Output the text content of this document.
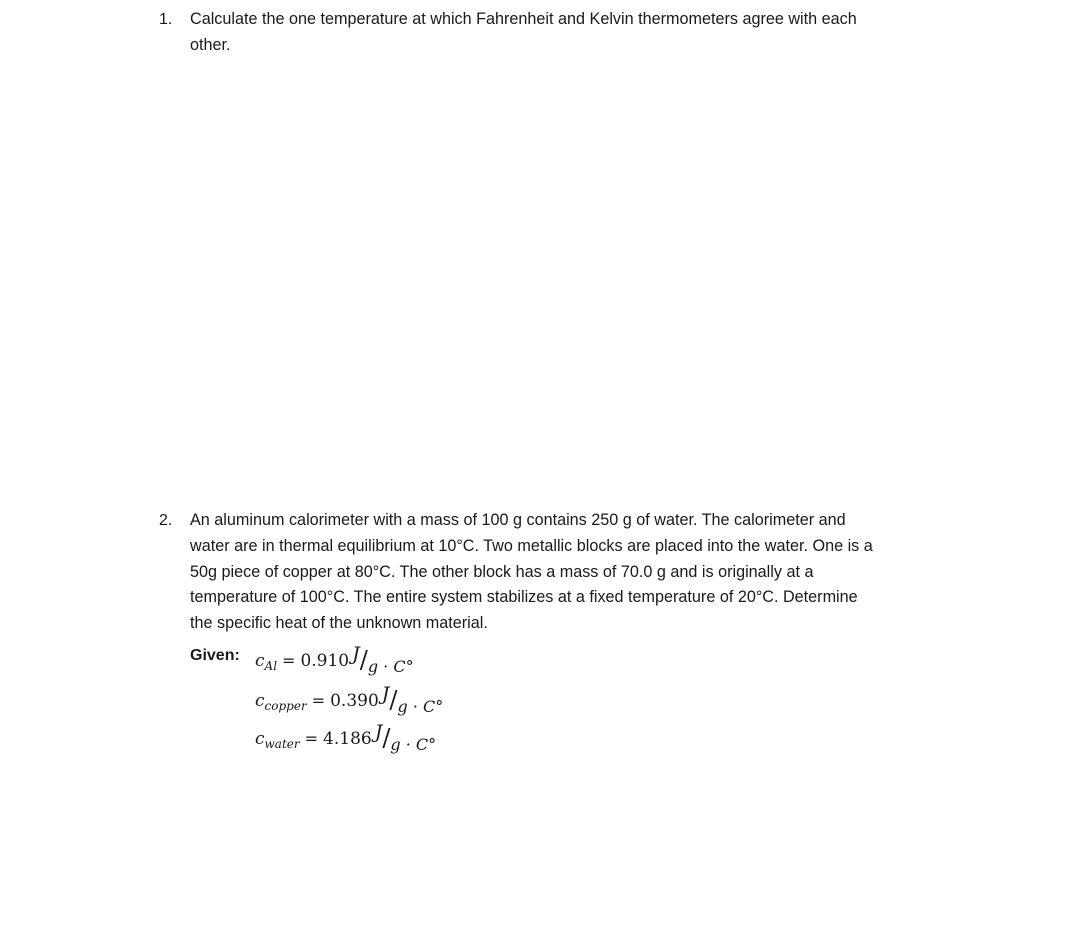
1. Calculate the one temperature at which Fahrenheit and Kelvin thermometers agree with each
other.

2. An aluminum calorimeter with a mass of 100 g contains 250 g of water. The calorimeter and
water are in thermal equilibrium at 10°C. Two metallic blocks are placed into the water. One is a
50g piece of copper at 80°C. The other block has a mass of 70.0 g and is originally at a
temperature of 100°C. The entire system stabilizes at a fixed temperature of 20°C. Determine
the specific heat of the unknown material.

Given: $c_{Al} = 0.910$ J/g · C°
$c_{copper} = 0.390$ J/g · C°
$c_{water} = 4.186$ J/g · C°
